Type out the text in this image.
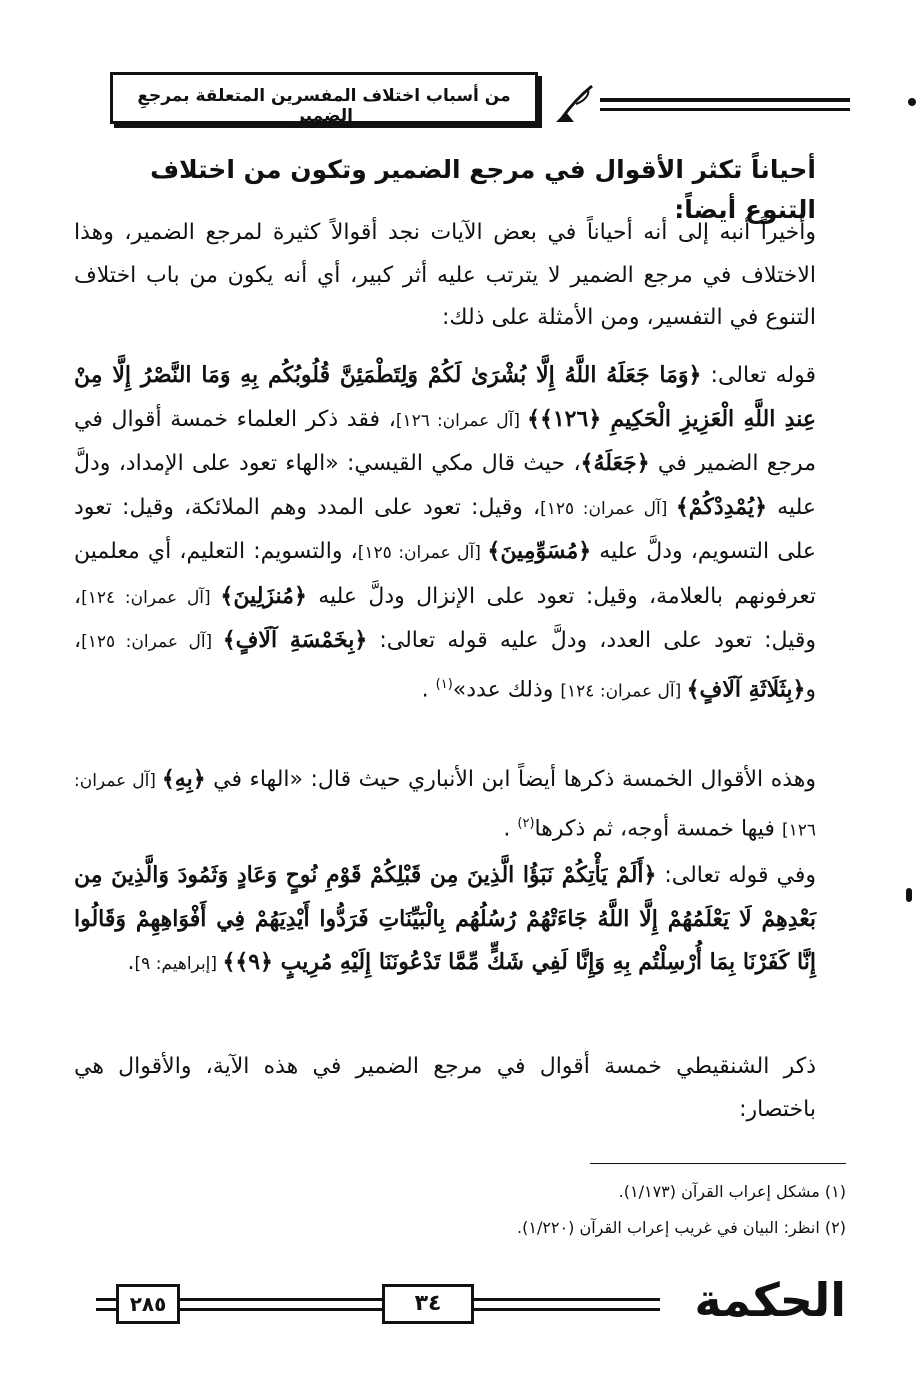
من أسباب اختلاف المفسرين المتعلقة بمرجعِ الضمير
أحياناً تكثر الأقوال في مرجع الضمير وتكون من اختلاف التنوع أيضاً:
وأخيراً أنبه إلى أنه أحياناً في بعض الآيات نجد أقوالاً كثيرة لمرجع الضمير، وهذا الاختلاف في مرجع الضمير لا يترتب عليه أثر كبير، أي أنه يكون من باب اختلاف التنوع في التفسير، ومن الأمثلة على ذلك:
قوله تعالى: ﴿وَمَا جَعَلَهُ اللَّهُ إِلَّا بُشْرَىٰ لَكُمْ وَلِتَطْمَئِنَّ قُلُوبُكُم بِهِ وَمَا النَّصْرُ إِلَّا مِنْ عِندِ اللَّهِ الْعَزِيزِ الْحَكِيمِ ﴿١٢٦﴾﴾ [آل عمران: ١٢٦]، فقد ذكر العلماء خمسة أقوال في مرجع الضمير في ﴿جَعَلَهُ﴾، حيث قال مكي القيسي: «الهاء تعود على الإمداد، ودلَّ عليه ﴿يُمْدِدْكُمْ﴾ [آل عمران: ١٢٥]، وقيل: تعود على المدد وهم الملائكة، وقيل: تعود على التسويم، ودلَّ عليه ﴿مُسَوِّمِينَ﴾ [آل عمران: ١٢٥]، والتسويم: التعليم، أي معلمين تعرفونهم بالعلامة، وقيل: تعود على الإنزال ودلَّ عليه ﴿مُنزَلِينَ﴾ [آل عمران: ١٢٤]، وقيل: تعود على العدد، ودلَّ عليه قوله تعالى: ﴿بِخَمْسَةِ آلَافٍ﴾ [آل عمران: ١٢٥]، و﴿بِثَلَاثَةِ آلَافٍ﴾ [آل عمران: ١٢٤] وذلك عدد»$^{(١)}$ .
وهذه الأقوال الخمسة ذكرها أيضاً ابن الأنباري حيث قال: «الهاء في ﴿بِهِ﴾ [آل عمران: ١٢٦] فيها خمسة أوجه، ثم ذكرها$^{(٢)}$ .
وفي قوله تعالى: ﴿أَلَمْ يَأْتِكُمْ نَبَؤُا الَّذِينَ مِن قَبْلِكُمْ قَوْمِ نُوحٍ وَعَادٍ وَثَمُودَ وَالَّذِينَ مِن بَعْدِهِمْ لَا يَعْلَمُهُمْ إِلَّا اللَّهُ جَاءَتْهُمْ رُسُلُهُم بِالْبَيِّنَاتِ فَرَدُّوا أَيْدِيَهُمْ فِي أَفْوَاهِهِمْ وَقَالُوا إِنَّا كَفَرْنَا بِمَا أُرْسِلْتُم بِهِ وَإِنَّا لَفِي شَكٍّ مِّمَّا تَدْعُونَنَا إِلَيْهِ مُرِيبٍ ﴿٩﴾﴾ [إبراهيم: ٩].
ذكر الشنقيطي خمسة أقوال في مرجع الضمير في هذه الآية، والأقوال هي باختصار:
(١) مشكل إعراب القرآن (١/١٧٣).
(٢) انظر: البيان في غريب إعراب القرآن (١/٢٢٠).
٢٨٥	٣٤	الحكمة
